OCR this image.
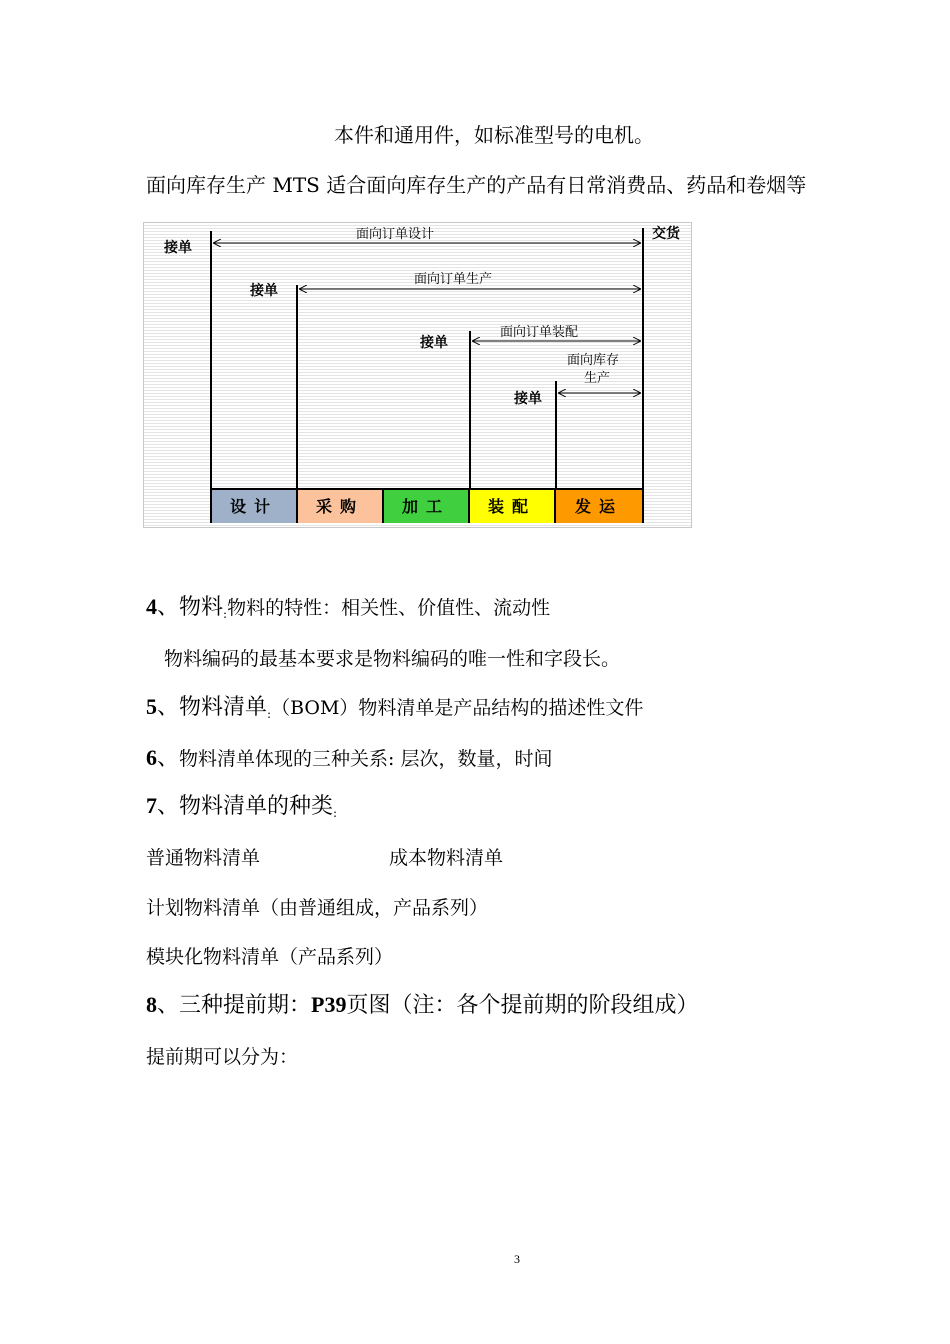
本件和通用件，如标准型号的电机。
面向库存生产 MTS 适合面向库存生产的产品有日常消费品、药品和卷烟等
接单
面向订单设计	交货
接单
面向订单生产
接单
面向订单装配
面向库存
生产
接单
设计	采购	加工	装配	发运
4、物料$_:$物料的特性：相关性、价值性、流动性
物料编码的最基本要求是物料编码的唯一性和字段长。
5、物料清单$_:$（BOM）物料清单是产品结构的描述性文件
6、物料清单体现的三种关系: 层次，数量，时间
7、物料清单的种类$_:$
普通物料清单	成本物料清单
计划物料清单（由普通组成，产品系列）
模块化物料清单（产品系列）
8、三种提前期：P39页图（注：各个提前期的阶段组成）
提前期可以分为：
3
